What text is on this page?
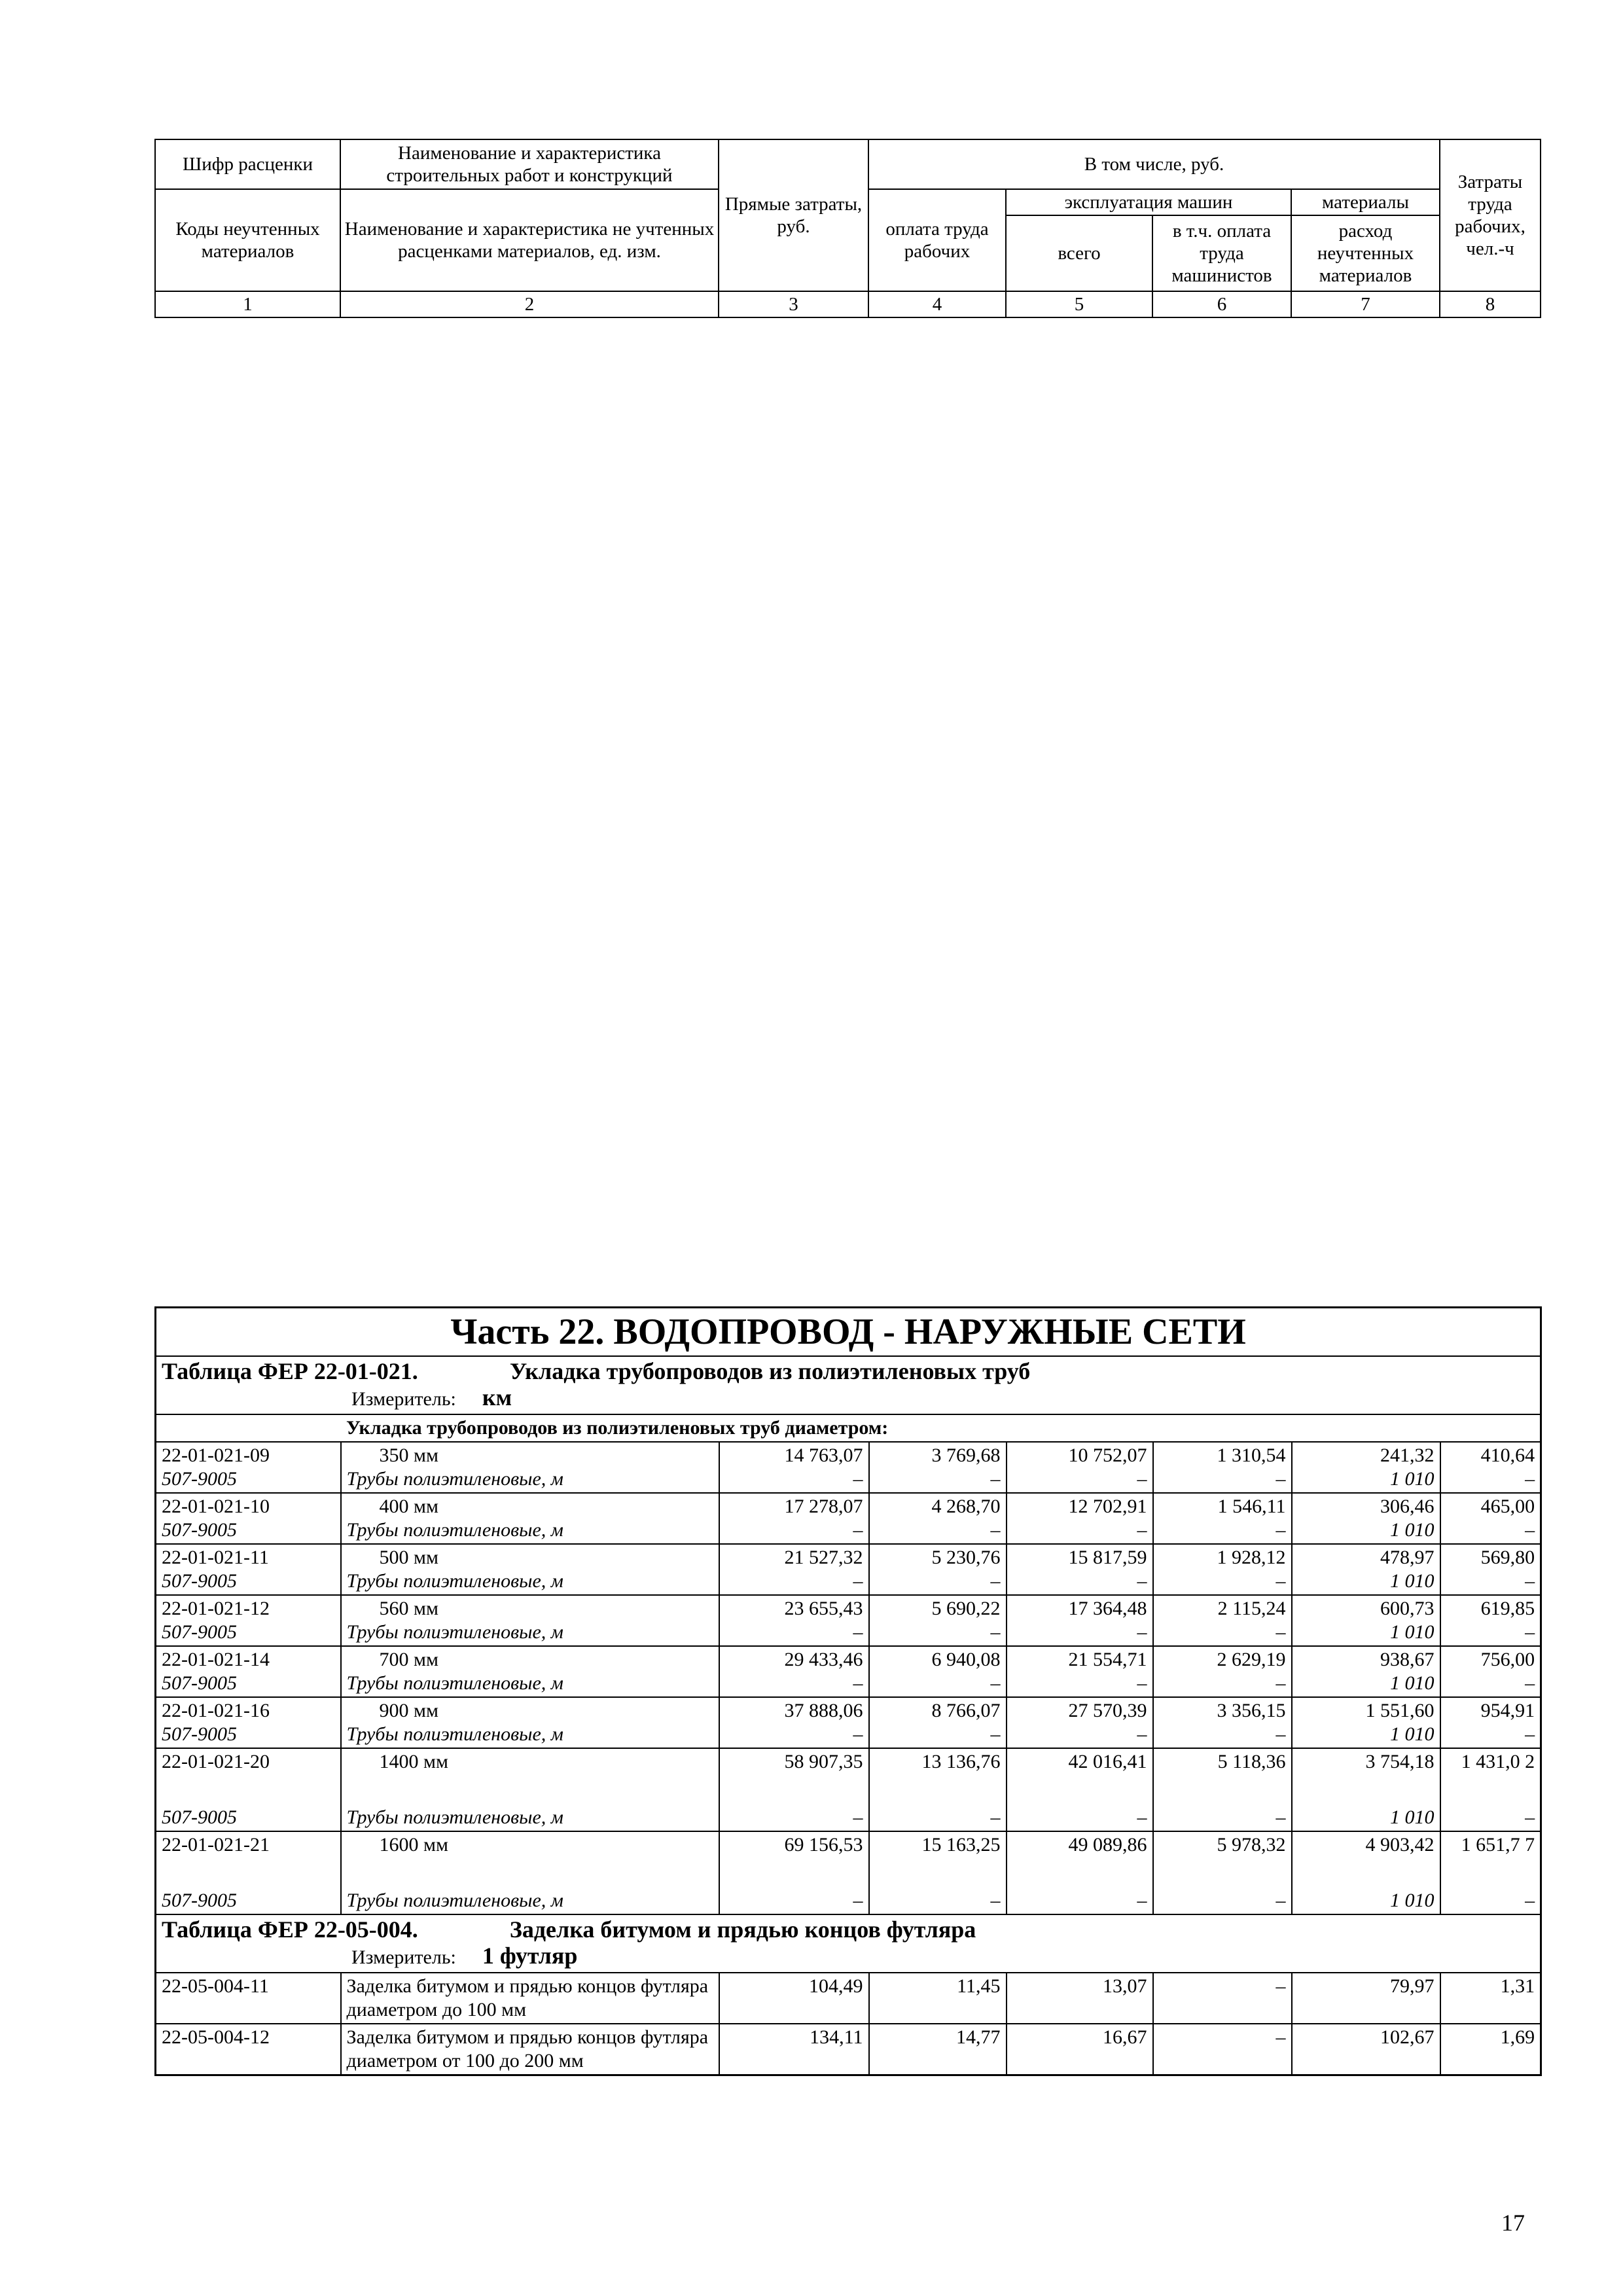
Шифр расценки	Наименование и характеристика строительных работ и конструкций	Прямые затраты, руб.	В том числе, руб.				Затраты труда рабочих, чел.-ч
Коды неучтенных материалов	Наименование и характеристика не учтенных расценками материалов, ед. изм.		оплата труда рабочих	эксплуатация машин		материалы	
				всего	в т.ч. оплата труда машинистов	расход неучтенных материалов	
1	2	3	4	5	6	7	8
Часть 22. ВОДОПРОВОД - НАРУЖНЫЕ СЕТИ							
Таблица ФЕР 22-01-021. Укладка трубопроводов из полиэтиленовых труб
Измеритель: км							
Укладка трубопроводов из полиэтиленовых труб диаметром:							
22-01-021-09	350 мм	14 763,07	3 769,68	10 752,07	1 310,54	241,32	410,64
507-9005	Трубы полиэтиленовые, м	–	–	–	–	1 010	–
22-01-021-10	400 мм	17 278,07	4 268,70	12 702,91	1 546,11	306,46	465,00
507-9005	Трубы полиэтиленовые, м	–	–	–	–	1 010	–
22-01-021-11	500 мм	21 527,32	5 230,76	15 817,59	1 928,12	478,97	569,80
507-9005	Трубы полиэтиленовые, м	–	–	–	–	1 010	–
22-01-021-12	560 мм	23 655,43	5 690,22	17 364,48	2 115,24	600,73	619,85
507-9005	Трубы полиэтиленовые, м	–	–	–	–	1 010	–
22-01-021-14	700 мм	29 433,46	6 940,08	21 554,71	2 629,19	938,67	756,00
507-9005	Трубы полиэтиленовые, м	–	–	–	–	1 010	–
22-01-021-16	900 мм	37 888,06	8 766,07	27 570,39	3 356,15	1 551,60	954,91
507-9005	Трубы полиэтиленовые, м	–	–	–	–	1 010	–
22-01-021-20	1400 мм	58 907,35	13 136,76	42 016,41	5 118,36	3 754,18	1 431,0 2
507-9005	Трубы полиэтиленовые, м	–	–	–	–	1 010	–
22-01-021-21	1600 мм	69 156,53	15 163,25	49 089,86	5 978,32	4 903,42	1 651,7 7
507-9005	Трубы полиэтиленовые, м	–	–	–	–	1 010	–
Таблица ФЕР 22-05-004. Заделка битумом и прядью концов футляра
Измеритель: 1 футляр							
22-05-004-11	Заделка битумом и прядью концов футляра диаметром до 100 мм	104,49	11,45	13,07	–	79,97	1,31
22-05-004-12	Заделка битумом и прядью концов футляра диаметром от 100 до 200 мм	134,11	14,77	16,67	–	102,67	1,69
17
